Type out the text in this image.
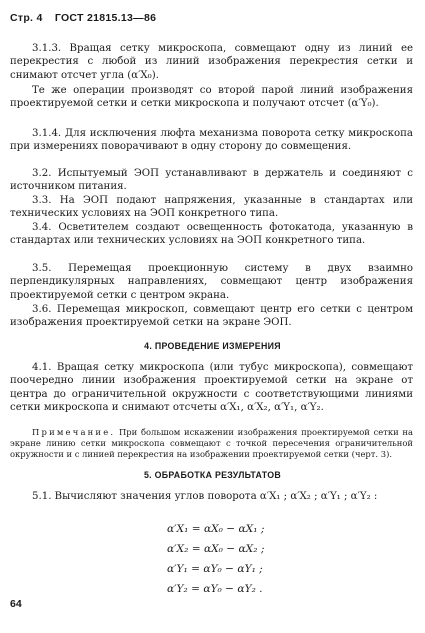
Стр. 4 ГОСТ 21815.13—86
3.1.3. Вращая сетку микроскопа, совмещают одну из линий ее перекрестия с любой из линий изображения перекрестия сетки и снимают отсчет угла (α′X₀).
Те же операции производят со второй парой линий изображения проектируемой сетки и сетки микроскопа и получают отсчет (α′Y₀).
3.1.4. Для исключения люфта механизма поворота сетку микроскопа при измерениях поворачивают в одну сторону до совмещения.
3.2. Испытуемый ЭОП устанавливают в держатель и соединяют с источником питания.
3.3. На ЭОП подают напряжения, указанные в стандартах или технических условиях на ЭОП конкретного типа.
3.4. Осветителем создают освещенность фотокатода, указанную в стандартах или технических условиях на ЭОП конкретного типа.
3.5. Перемещая проекционную систему в двух взаимно перпендикулярных направлениях, совмещают центр изображения проектируемой сетки с центром экрана.
3.6. Перемещая микроскоп, совмещают центр его сетки с центром изображения проектируемой сетки на экране ЭОП.
4. ПРОВЕДЕНИЕ ИЗМЕРЕНИЯ
4.1. Вращая сетку микроскопа (или тубус микроскопа), совмещают поочередно линии изображения проектируемой сетки на экране от центра до ограничительной окружности с соответствующими линиями сетки микроскопа и снимают отсчеты α′X₁, α′X₂, α′Y₁, α′Y₂.
Примечание. При большом искажении изображения проектируемой сетки на экране линию сетки микроскопа совмещают с точкой пересечения ограничительной окружности и с линией перекрестия на изображении проектируемой сетки (черт. 3).
5. ОБРАБОТКА РЕЗУЛЬТАТОВ
5.1. Вычисляют значения углов поворота α′X₁ ; α′X₂ ; α′Y₁ ; α′Y₂ :
α′X₁ = αX₀ − αX₁ ;
α′X₂ = αX₀ − αX₂ ;
α′Y₁ = αY₀ − αY₁ ;
α′Y₂ = αY₀ − αY₂ .
64
